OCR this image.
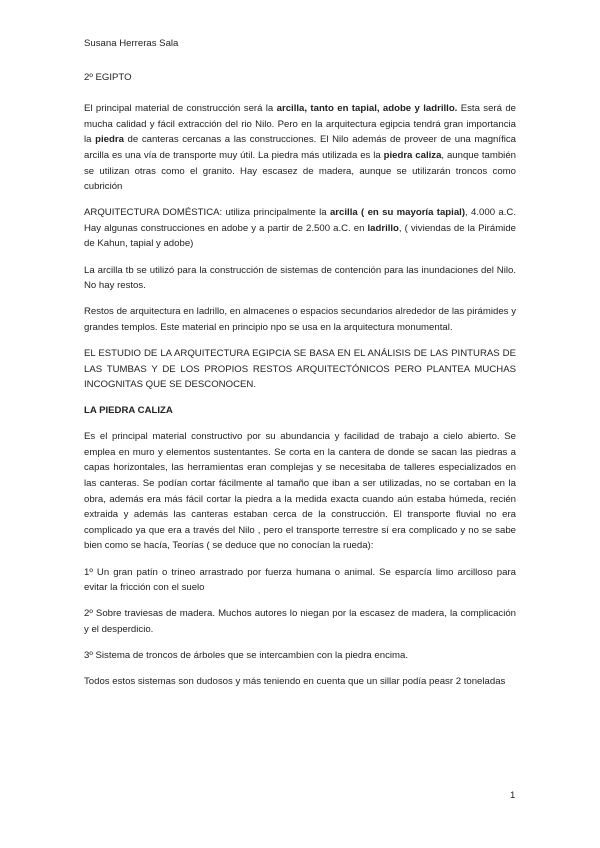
Susana Herreras Sala
2º EGIPTO

El principal material de construcción será la arcilla, tanto en tapial, adobe y ladrillo. Esta será de mucha calidad y fácil extracción del rio Nilo. Pero en la arquitectura egipcia tendrá gran importancia la piedra de canteras cercanas a las construcciones. El Nilo además de proveer de una magnífica arcilla es una vía de transporte muy útil. La piedra más utilizada es la piedra caliza, aunque también se utilizan otras como el granito. Hay escasez de madera, aunque se utilizarán troncos como cubrición

ARQUITECTURA DOMÉSTICA: utiliza principalmente la arcilla ( en su mayoría tapial), 4.000 a.C. Hay algunas construcciones en adobe y a partir de 2.500 a.C. en ladrillo, ( viviendas de la Pirámide de Kahun, tapial y adobe)

La arcilla tb se utilizó para la construcción de sistemas de contención para las inundaciones del Nilo. No hay restos.

Restos de arquitectura en ladrillo, en almacenes o espacios secundarios alrededor de las pirámides y grandes templos. Este material en principio npo se usa en la arquitectura monumental.

EL ESTUDIO DE LA ARQUITECTURA EGIPCIA SE BASA EN EL ANÁLISIS DE LAS PINTURAS DE LAS TUMBAS Y DE LOS PROPIOS RESTOS ARQUITECTÓNICOS PERO PLANTEA MUCHAS INCOGNITAS QUE SE DESCONOCEN.

LA PIEDRA CALIZA

Es el principal material constructivo por su abundancia y facilidad de trabajo a cielo abierto. Se emplea en muro y elementos sustentantes. Se corta en la cantera de donde se sacan las piedras a capas horizontales, las herramientas eran complejas y se necesitaba de talleres especializados en las canteras. Se podían cortar fácilmente al tamaño que iban a ser utilizadas, no se cortaban en la obra, además era más fácil cortar la piedra a la medida exacta cuando aún estaba húmeda, recién extraida y además las canteras estaban cerca de la construcción. El transporte fluvial no era complicado ya que era a través del Nilo , pero el transporte terrestre sí era complicado y no se sabe bien como se hacía, Teorías ( se deduce que no conocían la rueda):

1º Un gran patín o trineo arrastrado por fuerza humana o animal. Se esparcía limo arcilloso para evitar la fricción con el suelo

2º Sobre traviesas de madera. Muchos autores lo niegan por la escasez de madera, la complicación y el desperdicio.

3º Sistema de troncos de árboles que se intercambien con la piedra encima.

Todos estos sistemas son dudosos y más teniendo en cuenta que un sillar podía peasr 2 toneladas

1
